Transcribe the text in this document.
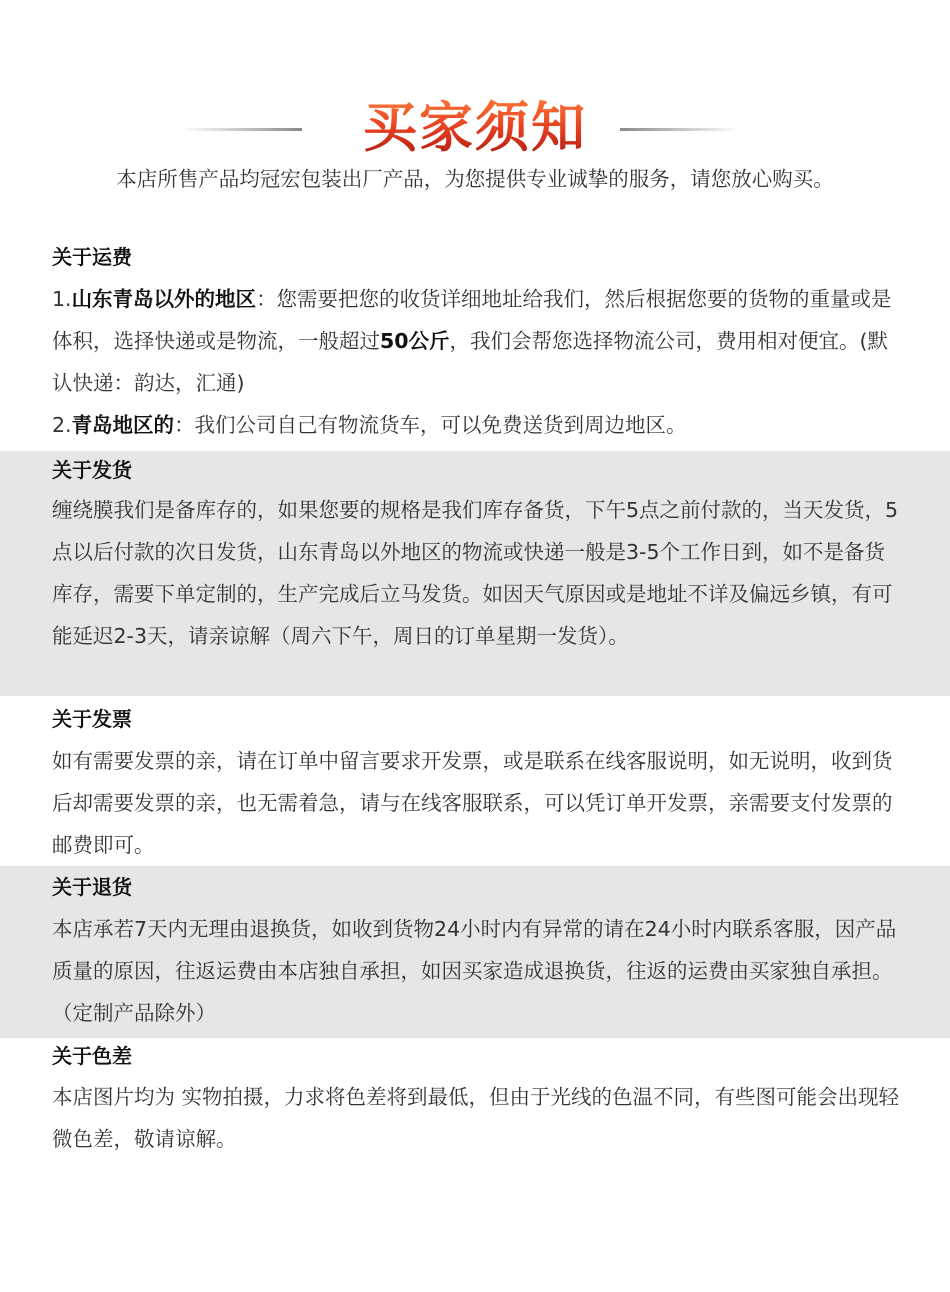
买家须知
本店所售产品均冠宏包装出厂产品，为您提供专业诚挚的服务，请您放心购买。
关于运费

1.山东青岛以外的地区：您需要把您的收货详细地址给我们，然后根据您要的货物的重量或是体积，选择快递或是物流，一般超过50公斤，我们会帮您选择物流公司，费用相对便宜。(默认快递：韵达，汇通)

2.青岛地区的：我们公司自己有物流货车，可以免费送货到周边地区。

关于发货

缠绕膜我们是备库存的，如果您要的规格是我们库存备货，下午5点之前付款的，当天发货，5点以后付款的次日发货，山东青岛以外地区的物流或快递一般是3-5个工作日到，如不是备货库存，需要下单定制的，生产完成后立马发货。如因天气原因或是地址不详及偏远乡镇，有可能延迟2-3天，请亲谅解（周六下午，周日的订单星期一发货）。

关于发票

如有需要发票的亲，请在订单中留言要求开发票，或是联系在线客服说明，如无说明，收到货后却需要发票的亲，也无需着急，请与在线客服联系，可以凭订单开发票，亲需要支付发票的邮费即可。

关于退货

本店承若7天内无理由退换货，如收到货物24小时内有异常的请在24小时内联系客服，因产品质量的原因，往返运费由本店独自承担，如因买家造成退换货，往返的运费由买家独自承担。（定制产品除外）

关于色差

本店图片均为 实物拍摄，力求将色差将到最低，但由于光线的色温不同，有些图可能会出现轻微色差，敬请谅解。
